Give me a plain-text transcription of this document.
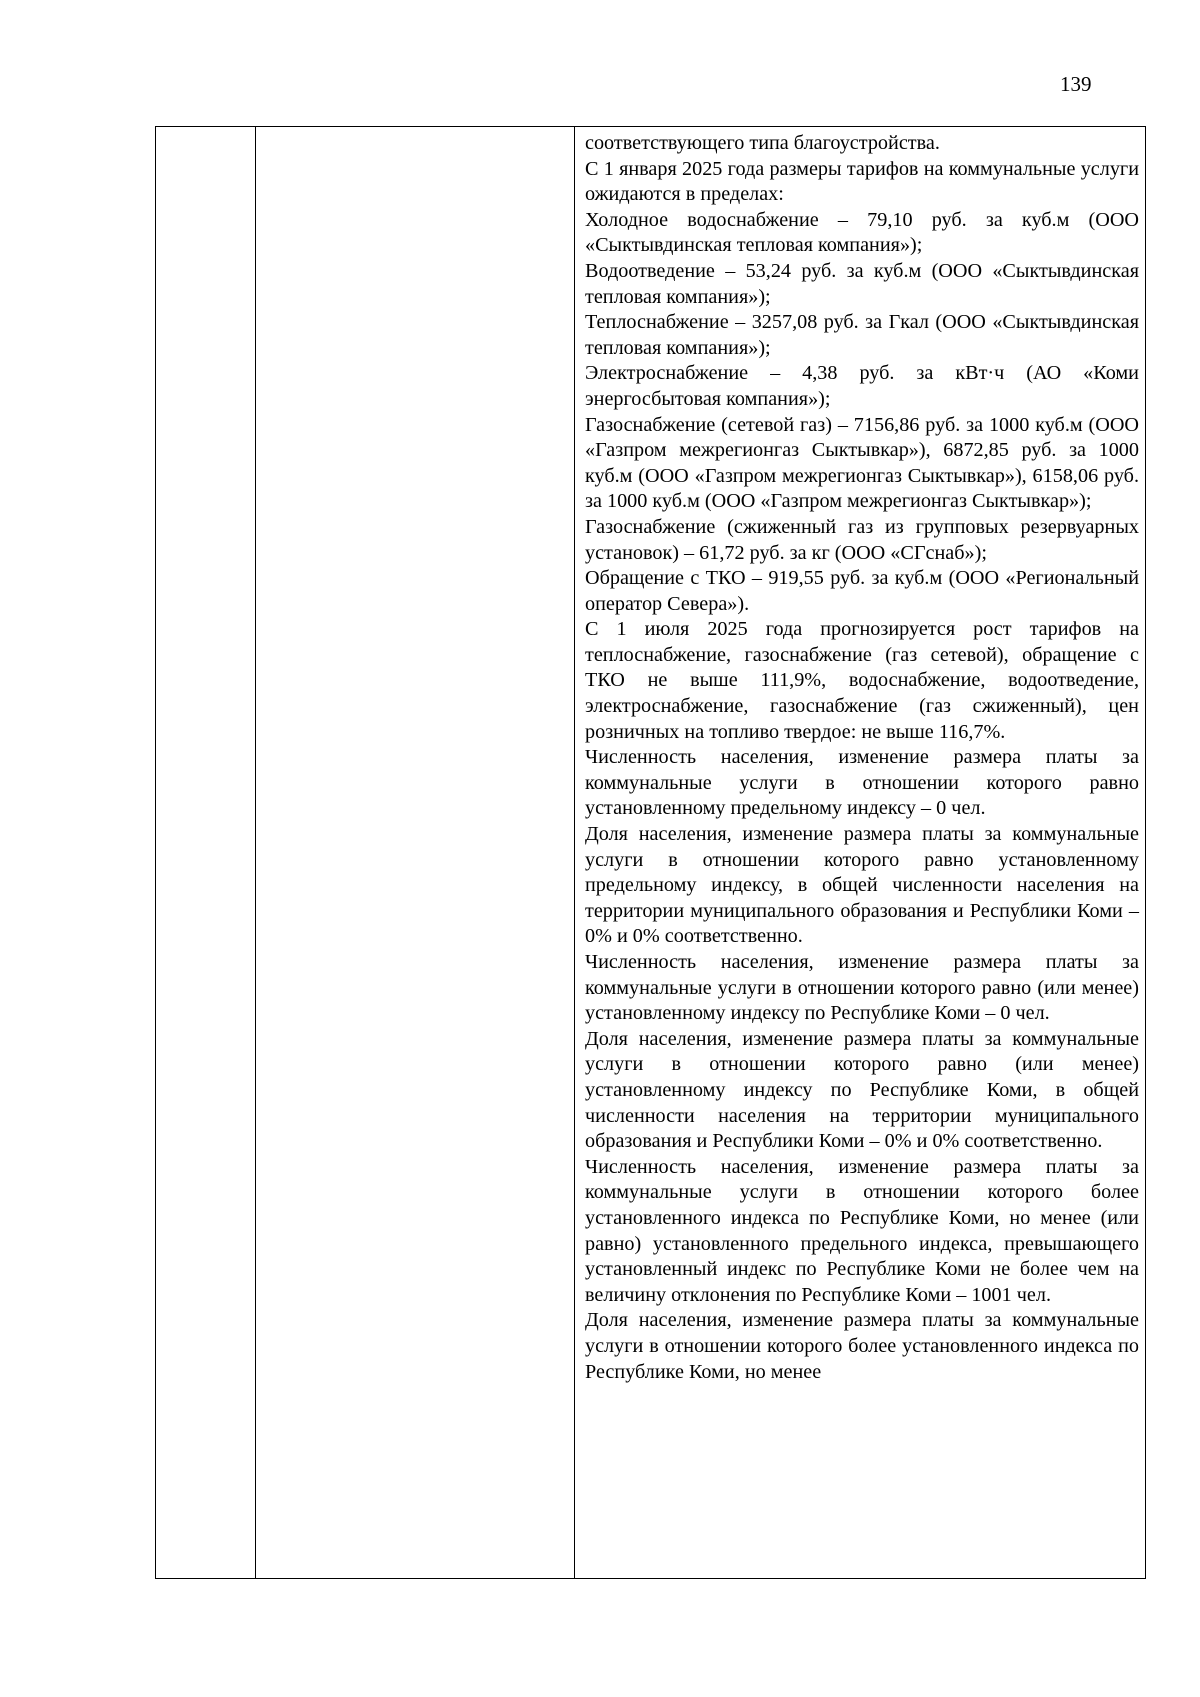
139

соответствующего типа благоустройства.

С 1 января 2025 года размеры тарифов на коммунальные услуги ожидаются в пределах:

Холодное водоснабжение – 79,10 руб. за куб.м (ООО «Сыктывдинская тепловая компания»);

Водоотведение – 53,24 руб. за куб.м (ООО «Сыктывдинская тепловая компания»);

Теплоснабжение – 3257,08 руб. за Гкал (ООО «Сыктывдинская тепловая компания»);

Электроснабжение – 4,38 руб. за кВт·ч (АО «Коми энергосбытовая компания»);

Газоснабжение (сетевой газ) – 7156,86 руб. за 1000 куб.м (ООО «Газпром межрегионгаз Сыктывкар»), 6872,85 руб. за 1000 куб.м (ООО «Газпром межрегионгаз Сыктывкар»), 6158,06 руб. за 1000 куб.м (ООО «Газпром межрегионгаз Сыктывкар»);

Газоснабжение (сжиженный газ из групповых резервуарных установок) – 61,72 руб. за кг (ООО «СГснаб»);

Обращение с ТКО – 919,55 руб. за куб.м (ООО «Региональный оператор Севера»).

С 1 июля 2025 года прогнозируется рост тарифов на теплоснабжение, газоснабжение (газ сетевой), обращение с ТКО не выше 111,9%, водоснабжение, водоотведение, электроснабжение, газоснабжение (газ сжиженный), цен розничных на топливо твердое: не выше 116,7%.

Численность населения, изменение размера платы за коммунальные услуги в отношении которого равно установленному предельному индексу – 0 чел.

Доля населения, изменение размера платы за коммунальные услуги в отношении которого равно установленному предельному индексу, в общей численности населения на территории муниципального образования и Республики Коми – 0% и 0% соответственно.

Численность населения, изменение размера платы за коммунальные услуги в отношении которого равно (или менее) установленному индексу по Республике Коми – 0 чел.

Доля населения, изменение размера платы за коммунальные услуги в отношении которого равно (или менее) установленному индексу по Республике Коми, в общей численности населения на территории муниципального образования и Республики Коми – 0% и 0% соответственно.

Численность населения, изменение размера платы за коммунальные услуги в отношении которого более установленного индекса по Республике Коми, но менее (или равно) установленного предельного индекса, превышающего установленный индекс по Республике Коми не более чем на величину отклонения по Республике Коми – 1001 чел.

Доля населения, изменение размера платы за коммунальные услуги в отношении которого более установленного индекса по Республике Коми, но менее
